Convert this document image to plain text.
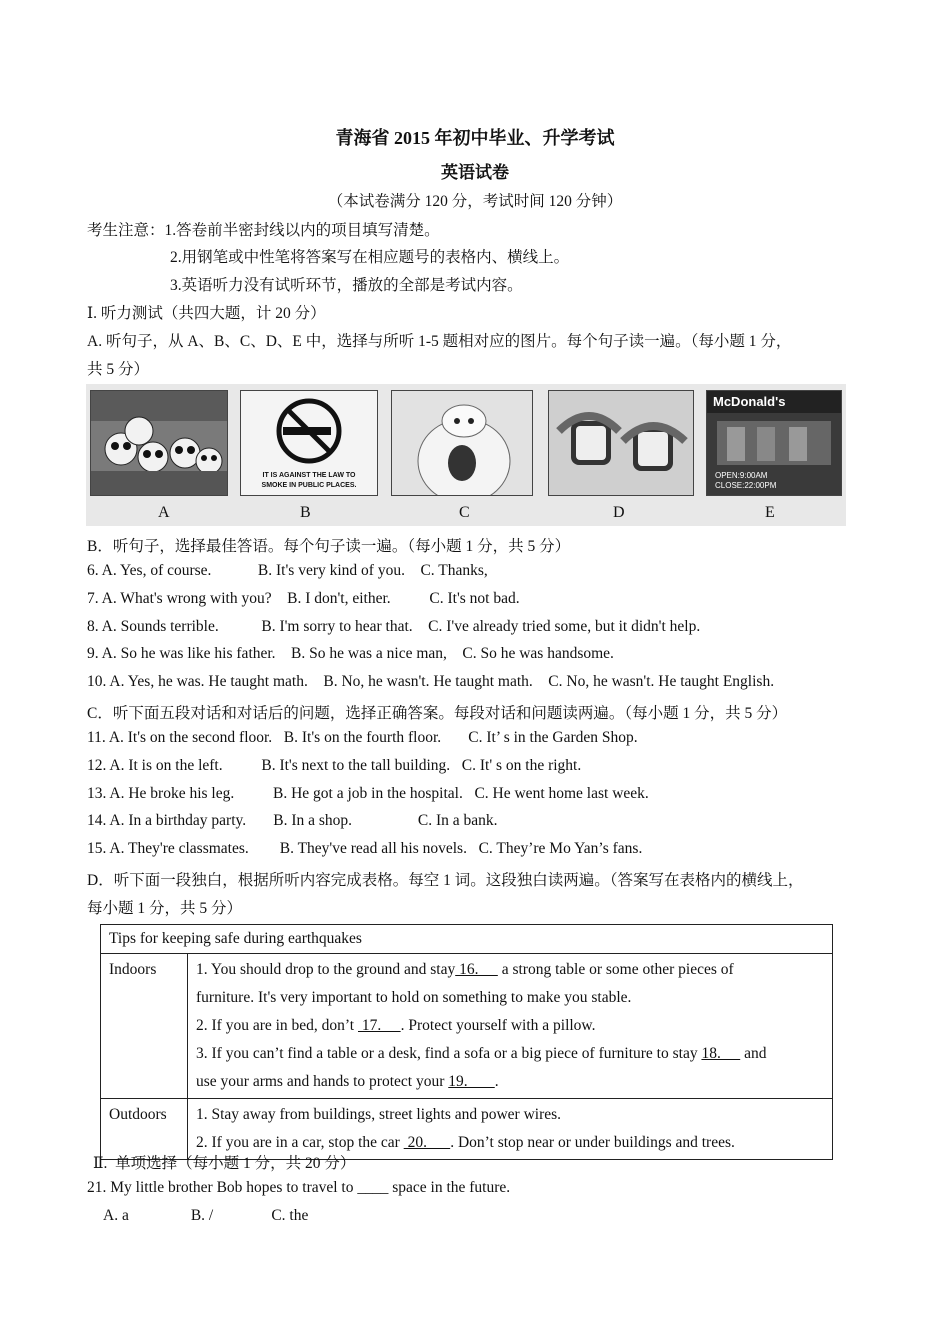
青海省 2015 年初中毕业、升学考试
英语试卷
（本试卷满分 120 分，考试时间 120 分钟）
考生注意：1.答卷前半密封线以内的项目填写清楚。
2.用钢笔或中性笔将答案写在相应题号的表格内、横线上。
3.英语听力没有试听环节，播放的全部是考试内容。
Ⅰ. 听力测试（共四大题，计 20 分）
A. 听句子，从 A、B、C、D、E 中，选择与所听 1-5 题相对应的图片。每个句子读一遍。（每小题 1 分，
共 5 分）
IT IS AGAINST THE LAW TO
SMOKE IN PUBLIC PLACES.
McDonald's
OPEN:9:00AM
CLOSE:22:00PM
A	B	C	D	E
B．听句子，选择最佳答语。每个句子读一遍。（每小题 1 分，共 5 分）
6. A. Yes, of course.            B. It's very kind of you.    C. Thanks,
7. A. What's wrong with you?    B. I don't, either.          C. It's not bad.
8. A. Sounds terrible.           B. I'm sorry to hear that.    C. I've already tried some, but it didn't help.
9. A. So he was like his father.    B. So he was a nice man,    C. So he was handsome.
10. A. Yes, he was. He taught math.    B. No, he wasn't. He taught math.    C. No, he wasn't. He taught English.
C．听下面五段对话和对话后的问题，选择正确答案。每段对话和问题读两遍。（每小题 1 分，共 5 分）
11. A. It's on the second floor.   B. It's on the fourth floor.       C. It’ s in the Garden Shop.
12. A. It is on the left.          B. It's next to the tall building.   C. It' s on the right.
13. A. He broke his leg.          B. He got a job in the hospital.   C. He went home last week.
14. A. In a birthday party.       B. In a shop.                 C. In a bank.
15. A. They're classmates.        B. They've read all his novels.   C. They’re Mo Yan’s fans.
D．听下面一段独白，根据所听内容完成表格。每空 1 词。这段独白读两遍。（答案写在表格内的横线上，
每小题 1 分，共 5 分）
Tips for keeping safe during earthquakes	
Indoors	1. You should drop to the ground and stay 16.      a strong table or some other pieces of
furniture. It's very important to hold on something to make you stable.
2. If you are in bed, don’t  17.     . Protect yourself with a pillow.
3. If you can’t find a table or a desk, find a sofa or a big piece of furniture to stay 18.      and
use your arms and hands to protect your 19.       .

Outdoors	1. Stay away from buildings, street lights and power wires.
2. If you are in a car, stop the car  20.      . Don’t stop near or under buildings and trees.
Ⅱ.  单项选择（每小题 1 分，共 20 分）
21. My little brother Bob hopes to travel to ____ space in the future.
A. a                B. /               C. the
